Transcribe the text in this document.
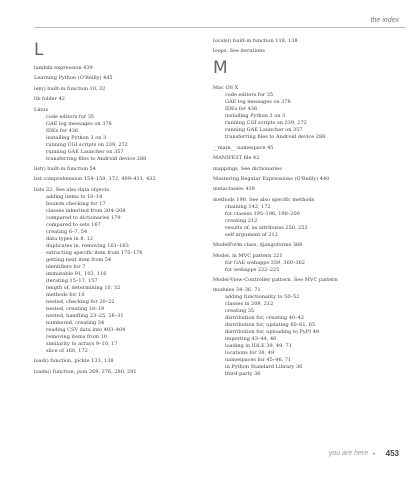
the index
L
lambda expression 439
Learning Python (O'Reilly) 445
len() built-in function 10, 32
lib folder 42
Linux
code editors for 35
GAE log messages on 378
IDEs for 436
installing Python 3 on 3
running CGI scripts on 239, 272
running GAE Launcher on 357
transferring files to Android device 288
list() built-in function 54
list comprehension 154–159, 172, 409–411, 432
lists 32. See also data objects
adding items to 10–14
bounds checking for 17
classes inherited from 204–208
compared to dictionaries 179
compared to sets 167
creating 6–7, 54
data types in 8, 12
duplicates in, removing 161–163
extracting specific item from 175–176
getting next item from 54
identifiers for 7
immutable 91, 103, 116
iterating 15–17, 157
length of, determining 10, 32
methods for 10
nested, checking for 20–22
nested, creating 18–19
nested, handling 23–25, 28–31
numbered, creating 54
reading CSV data into 403–404
removing items from 10
similarity to arrays 9–10, 17
slice of 160, 172
load() function, pickle 133, 138
loads() function, json 269, 276, 280, 291
locals() built-in function 118, 138
loops. See iterations
M
Mac OS X
code editors for 35
GAE log messages on 378
IDEs for 436
installing Python 3 on 3
running CGI scripts on 239, 272
running GAE Launcher on 357
transferring files to Android device 288
__main__ namespace 45
MANIFEST file 42
mappings. See dictionaries
Mastering Regular Expressions (O'Reilly) 440
metaclasses 439
methods 190. See also specific methods
chaining 142, 172
for classes 195–196, 198–200
creating 212
results of, as attributes 250, 253
self argument of 212
ModelForm class, djangoforms 368
Model, in MVC pattern 221
for GAE webapps 359, 360–362
for webapps 222–225
Model-View-Controller pattern. See MVC pattern
modules 34–36, 71
adding functionality to 50–52
classes in 209, 212
creating 35
distribution for, creating 40–42
distribution for, updating 60–61, 65
distribution for, uploading to PyPI 48
importing 43–44, 46
loading in IDLE 39, 49, 71
locations for 38, 49
namespaces for 45–46, 71
in Python Standard Library 36
third-party 36
you are here ▸ 453
